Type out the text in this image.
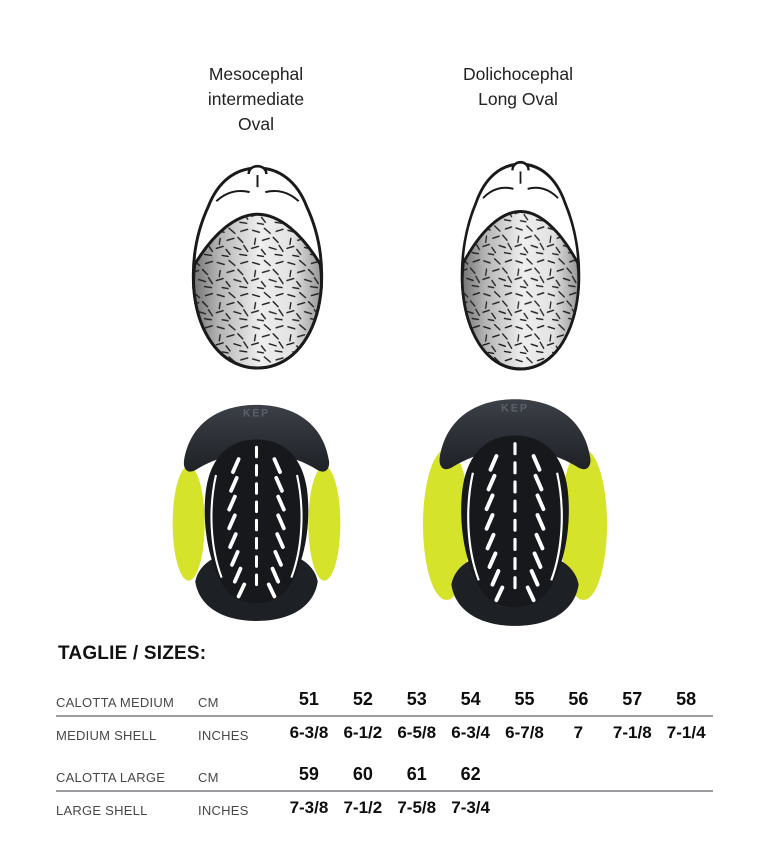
Mesocephal
intermediate
Oval
Dolichocephal
Long Oval
KEP	KEP
TAGLIE / SIZES:
CALOTTA MEDIUM	CM	51	52	53	54	55	56	57	58
MEDIUM SHELL	INCHES	6-3/8 6-1/2 6-5/8 6-3/4 6-7/8	7	7-1/8 7-1/4
CALOTTA LARGE	CM	59	60	61	62
LARGE SHELL	INCHES	7-3/8 7-1/2 7-5/8 7-3/4
